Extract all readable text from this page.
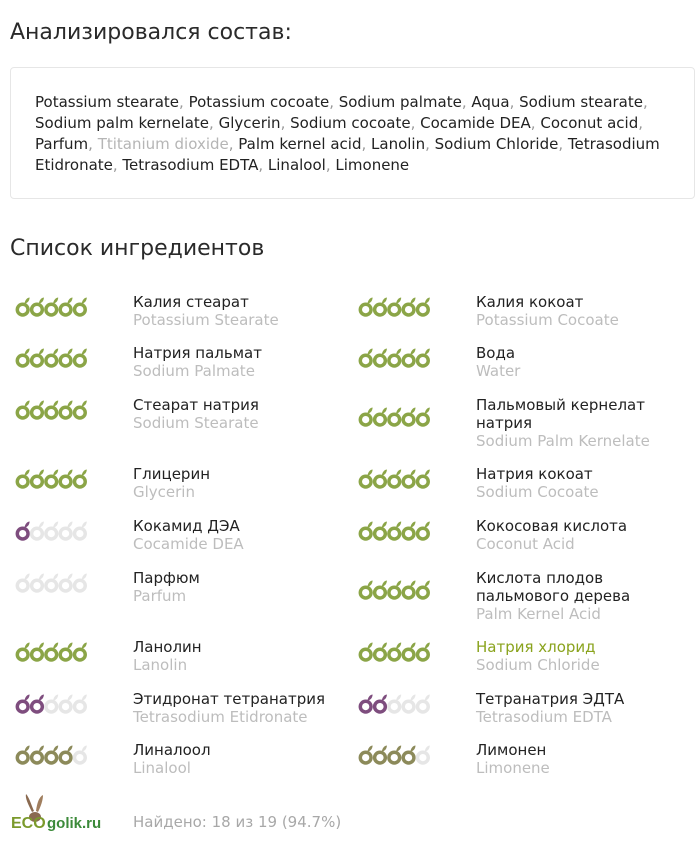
Анализировался состав:
Potassium stearate, Potassium cocoate, Sodium palmate, Aqua, Sodium stearate, Sodium palm kernelate, Glycerin, Sodium cocoate, Cocamide DEA, Coconut acid, Parfum, Ttitanium dioxide, Palm kernel acid, Lanolin, Sodium Chloride, Tetrasodium Etidronate, Tetrasodium EDTA, Linalool, Limonene
Список ингредиентов
Калия стеарат
Potassium Stearate
Калия кокоат
Potassium Cocoate
Натрия пальмат
Sodium Palmate
Вода
Water
Стеарат натрия
Sodium Stearate
Пальмовый кернелат
натрия
Sodium Palm Kernelate
Глицерин
Glycerin
Натрия кокоат
Sodium Cocoate
Кокамид ДЭА
Cocamide DEA
Кокосовая кислота
Coconut Acid
Парфюм
Parfum
Кислота плодов
пальмового дерева
Palm Kernel Acid
Ланолин
Lanolin
Натрия хлорид
Sodium Chloride
Этидронат тетранатрия
Tetrasodium Etidronate
Тетранатрия ЭДТА
Tetrasodium EDTA
Линалоол
Linalool
Лимонен
Limonene
ECO golik.ru Найдено: 18 из 19 (94.7%)
